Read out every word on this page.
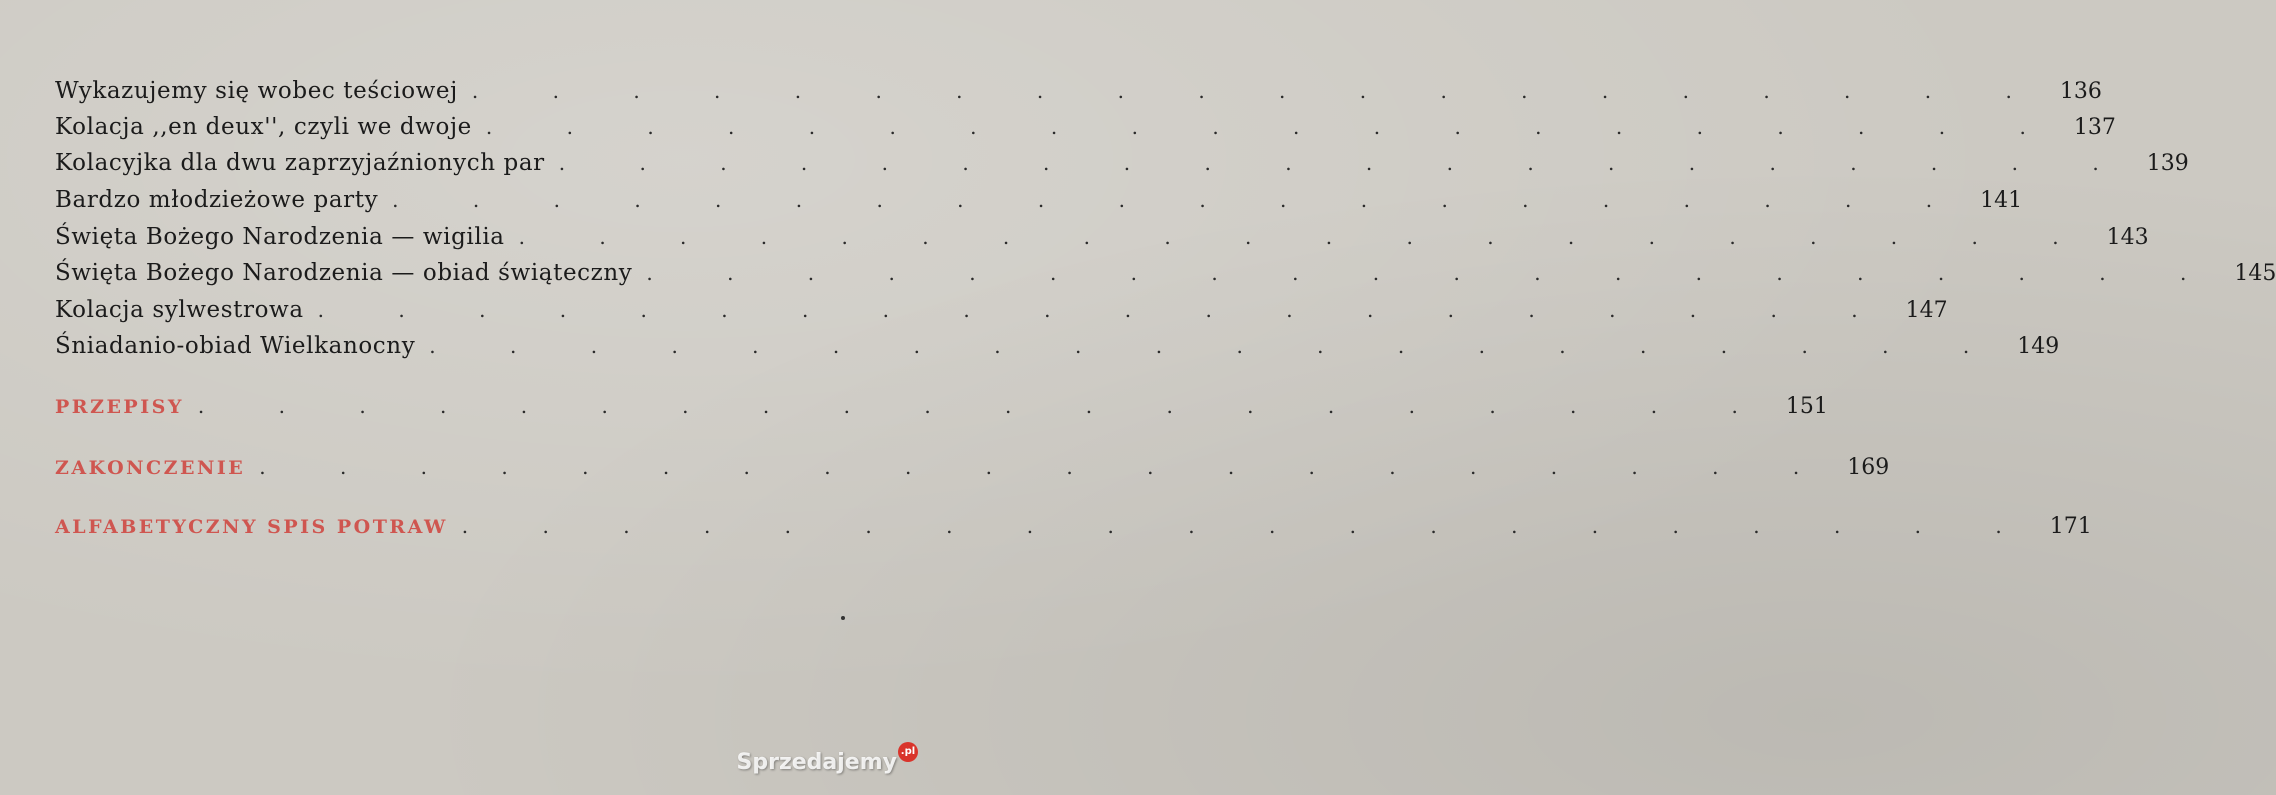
Wykazujemy się wobec teściowej . . . . . . . . . . . . . . . . . . . . 136
Kolacja ,,en deux'', czyli we dwoje . . . . . . . . . . . . . . . . . . . . 137
Kolacyjka dla dwu zaprzyjaźnionych par . . . . . . . . . . . . . . . . . . . . 139
Bardzo młodzieżowe party . . . . . . . . . . . . . . . . . . . . 141
Święta Bożego Narodzenia — wigilia . . . . . . . . . . . . . . . . . . . . 143
Święta Bożego Narodzenia — obiad świąteczny . . . . . . . . . . . . . . . . . . . . 145
Kolacja sylwestrowa . . . . . . . . . . . . . . . . . . . . 147
Śniadanio-obiad Wielkanocny . . . . . . . . . . . . . . . . . . . . 149
PRZEPISY . . . . . . . . . . . . . . . . . . . . 151
ZAKONCZENIE . . . . . . . . . . . . . . . . . . . . 169
ALFABETYCZNY SPIS POTRAW . . . . . . . . . . . . . . . . . . . . 171
Sprzedajemy .pl
